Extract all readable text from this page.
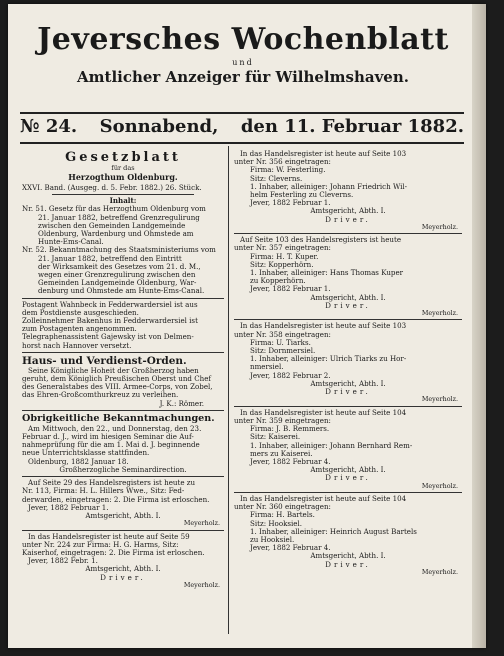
Jeversches Wochenblatt
und
Amtlicher Anzeiger für Wilhelmshaven.
№ 24. Sonnabend, den 11. Februar 1882.
Gesetzblatt
für das
Herzogthum Oldenburg.
XXVI. Band. (Ausgeg. d. 5. Febr. 1882.) 26. Stück.
Inhalt:
Nr. 51. Gesetz für das Herzogthum Oldenburg vom
21. Januar 1882, betreffend Grenzregulirung
zwischen den Gemeinden Landgemeinde
Oldenburg, Wardenburg und Ohmstede am
Hunte-Ems-Canal.
Nr. 52. Bekanntmachung des Staatsministeriums vom
21. Januar 1882, betreffend den Eintritt
der Wirksamkeit des Gesetzes vom 21. d. M.,
wegen einer Grenzregulirung zwischen den
Gemeinden Landgemeinde Oldenburg, War-
denburg und Ohmstede am Hunte-Ems-Canal.
Postagent Wahnbeck in Fedderwardersiel ist aus
dem Postdienste ausgeschieden.
Zolleinnehmer Bakenhus in Fedderwardersiel ist
zum Postagenten angenommen.
Telegraphenassistent Gajewsky ist von Delmen-
horst nach Hannover versetzt.
Haus- und Verdienst-Orden.
Seine Königliche Hoheit der Großherzog haben
geruht, dem Königlich Preußischen Oberst und Chef
des Generalstabes des VIII. Armee-Corps, von Zobel,
das Ehren-Großcomthurkreuz zu verleihen.
J. K.: Römer.
Obrigkeitliche Bekanntmachungen.
Am Mittwoch, den 22., und Donnerstag, den 23.
Februar d. J., wird im hiesigen Seminar die Auf-
nahmeprüfung für die am 1. Mai d. J. beginnende
neue Unterrichtsklasse stattfinden.
Oldenburg, 1882 Januar 18.
Großherzogliche Seminardirection.
Auf Seite 29 des Handelsregisters ist heute zu
Nr. 113, Firma: H. L. Hillers Wwe., Sitz: Fed-
derwarden, eingetragen: 2. Die Firma ist erloschen.
Jever, 1882 Februar 1.
Amtsgericht, Abth. I.
Meyerholz.
In das Handelsregister ist heute auf Seite 59
unter Nr. 224 zur Firma: H. G. Harms, Sitz:
Kaiserhof, eingetragen: 2. Die Firma ist erloschen.
Jever, 1882 Febr. 1.
Amtsgericht, Abth. I.
Driver.
Meyerholz.
In das Handelsregister ist heute auf Seite 103
unter Nr. 356 eingetragen:
Firma: W. Festerling.
Sitz: Cleverns.
1. Inhaber, alleiniger: Johann Friedrich Wil-
helm Festerling zu Cleverns.
Jever, 1882 Februar 1.
Amtsgericht, Abth. I.
Driver.
Meyerholz.
Auf Seite 103 des Handelsregisters ist heute
unter Nr. 357 eingetragen:
Firma: H. T. Kuper.
Sitz: Kopperhörn.
1. Inhaber, alleiniger: Hans Thomas Kuper
zu Kopperhörn.
Jever, 1882 Februar 1.
Amtsgericht, Abth. I.
Driver.
Meyerholz.
In das Handelsregister ist heute auf Seite 103
unter Nr. 358 eingetragen:
Firma: U. Tiarks.
Sitz: Dornmersiel.
1. Inhaber, alleiniger: Ulrich Tiarks zu Hor-
nmersiel.
Jever, 1882 Februar 2.
Amtsgericht, Abth. I.
Driver.
Meyerholz.
In das Handelsregister ist heute auf Seite 104
unter Nr. 359 eingetragen:
Firma: J. B. Remmers.
Sitz: Kaiserei.
1. Inhaber, alleiniger: Johann Bernhard Rem-
mers zu Kaiserei.
Jever, 1882 Februar 4.
Amtsgericht, Abth. I.
Driver.
Meyerholz.
In das Handelsregister ist heute auf Seite 104
unter Nr. 360 eingetragen:
Firma: H. Bartels.
Sitz: Hooksiel.
1. Inhaber, alleiniger: Heinrich August Bartels
zu Hooksiel.
Jever, 1882 Februar 4.
Amtsgericht, Abth. I.
Driver.
Meyerholz.
